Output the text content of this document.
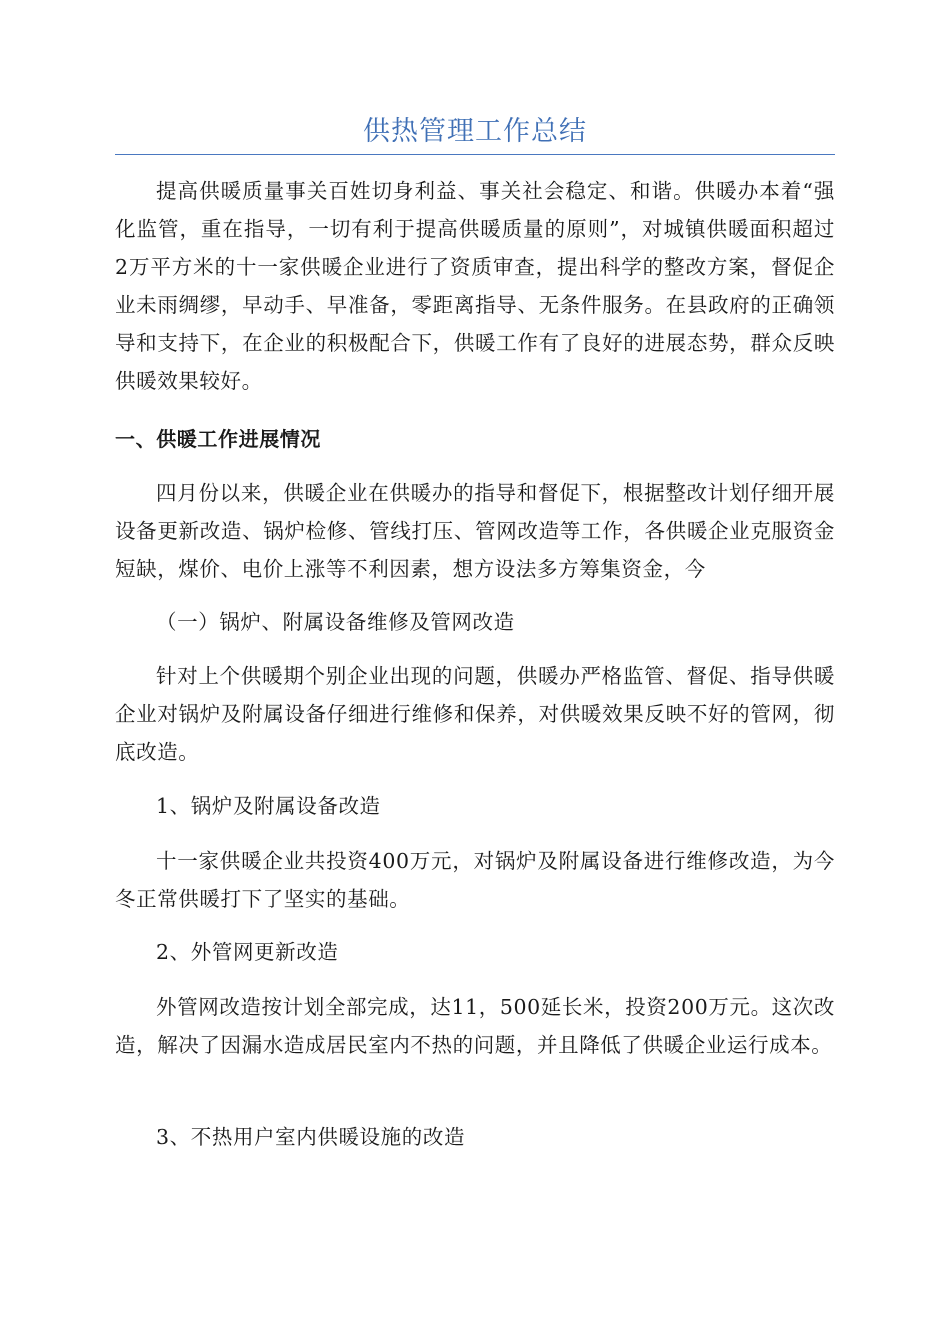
供热管理工作总结

提高供暖质量事关百姓切身利益、事关社会稳定、和谐。供暖办本着“强化监管，重在指导，一切有利于提高供暖质量的原则”，对城镇供暖面积超过2万平方米的十一家供暖企业进行了资质审查，提出科学的整改方案，督促企业未雨绸缪，早动手、早准备，零距离指导、无条件服务。在县政府的正确领导和支持下，在企业的积极配合下，供暖工作有了良好的进展态势，群众反映供暖效果较好。

一、供暖工作进展情况

四月份以来，供暖企业在供暖办的指导和督促下，根据整改计划仔细开展设备更新改造、锅炉检修、管线打压、管网改造等工作，各供暖企业克服资金短缺，煤价、电价上涨等不利因素，想方设法多方筹集资金，今

（一）锅炉、附属设备维修及管网改造

针对上个供暖期个别企业出现的问题，供暖办严格监管、督促、指导供暖企业对锅炉及附属设备仔细进行维修和保养，对供暖效果反映不好的管网，彻底改造。

1、锅炉及附属设备改造

十一家供暖企业共投资400万元，对锅炉及附属设备进行维修改造，为今冬正常供暖打下了坚实的基础。

2、外管网更新改造

外管网改造按计划全部完成，达11，500延长米，投资200万元。这次改造，解决了因漏水造成居民室内不热的问题，并且降低了供暖企业运行成本。

3、不热用户室内供暖设施的改造
